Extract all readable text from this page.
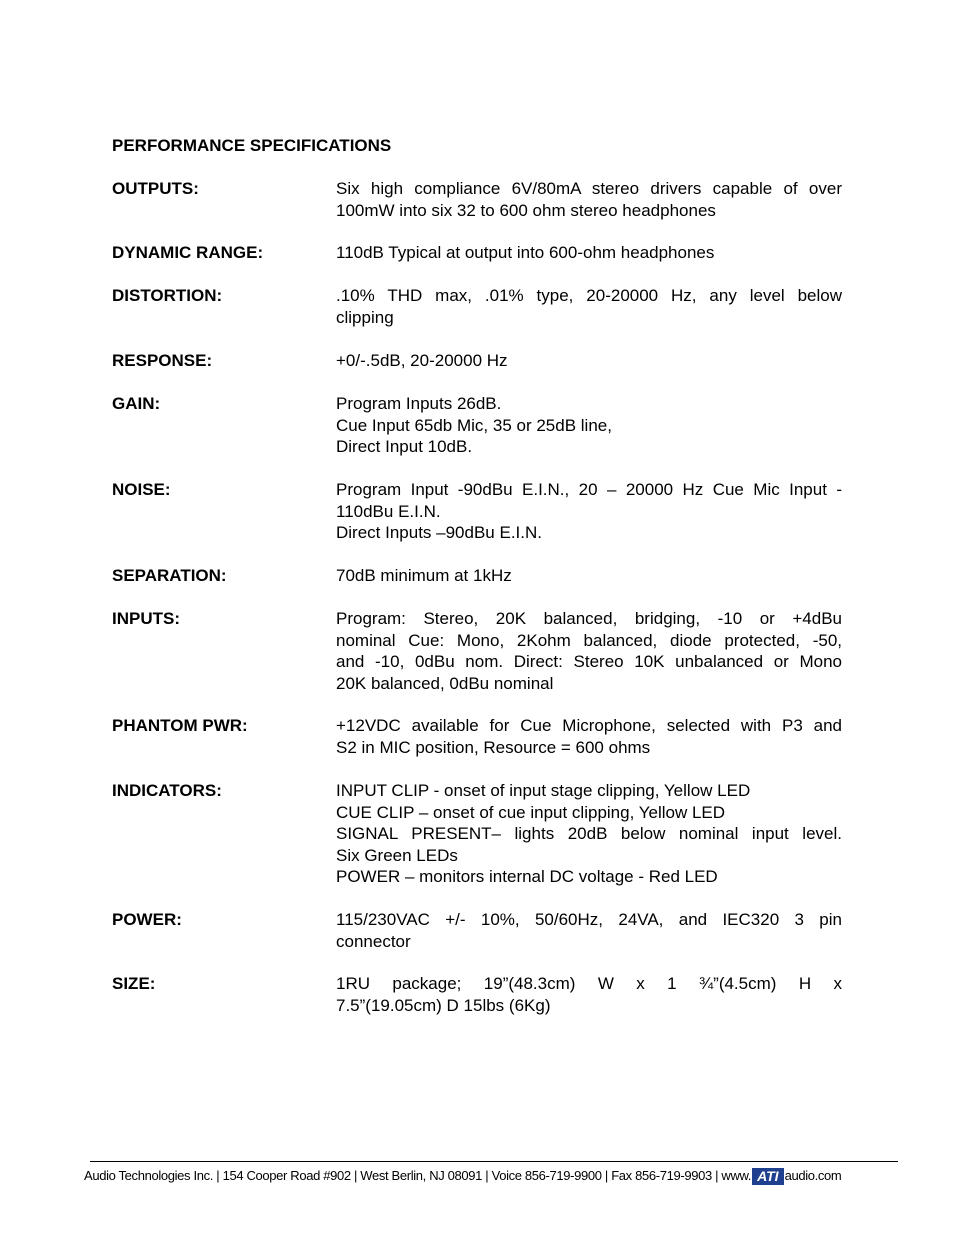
PERFORMANCE SPECIFICATIONS
OUTPUTS:	Six high compliance 6V/80mA stereo drivers capable of over
100mW into six 32 to 600 ohm stereo headphones
DYNAMIC RANGE:	110dB Typical at output into 600-ohm headphones
DISTORTION:	.10% THD max, .01% type, 20-20000 Hz, any level below
clipping
RESPONSE:	+0/-.5dB, 20-20000 Hz
GAIN:	Program Inputs 26dB.
Cue Input 65db Mic, 35 or 25dB line,
Direct Input 10dB.
NOISE:	Program Input -90dBu E.I.N., 20 – 20000 Hz Cue Mic Input -
110dBu E.I.N.
Direct Inputs –90dBu E.I.N.
SEPARATION:	70dB minimum at 1kHz
INPUTS:	Program: Stereo, 20K balanced, bridging, -10 or +4dBu
nominal Cue: Mono, 2Kohm balanced, diode protected, -50,
and -10, 0dBu nom. Direct: Stereo 10K unbalanced or Mono
20K balanced, 0dBu nominal
PHANTOM PWR:	+12VDC available for Cue Microphone, selected with P3 and
S2 in MIC position, Resource = 600 ohms
INDICATORS:	INPUT CLIP - onset of input stage clipping, Yellow LED
CUE CLIP – onset of cue input clipping, Yellow LED
SIGNAL PRESENT– lights 20dB below nominal input level.
Six Green LEDs
POWER – monitors internal DC voltage - Red LED
POWER:	115/230VAC +/- 10%, 50/60Hz, 24VA, and IEC320 3 pin
connector
SIZE:	1RU package; 19”(48.3cm) W x 1 ¾”(4.5cm) H x
7.5”(19.05cm) D 15lbs (6Kg)
Audio Technologies Inc. | 154 Cooper Road #902 | West Berlin, NJ 08091 | Voice 856-719-9900 | Fax 856-719-9903 | www. ATI audio.com
